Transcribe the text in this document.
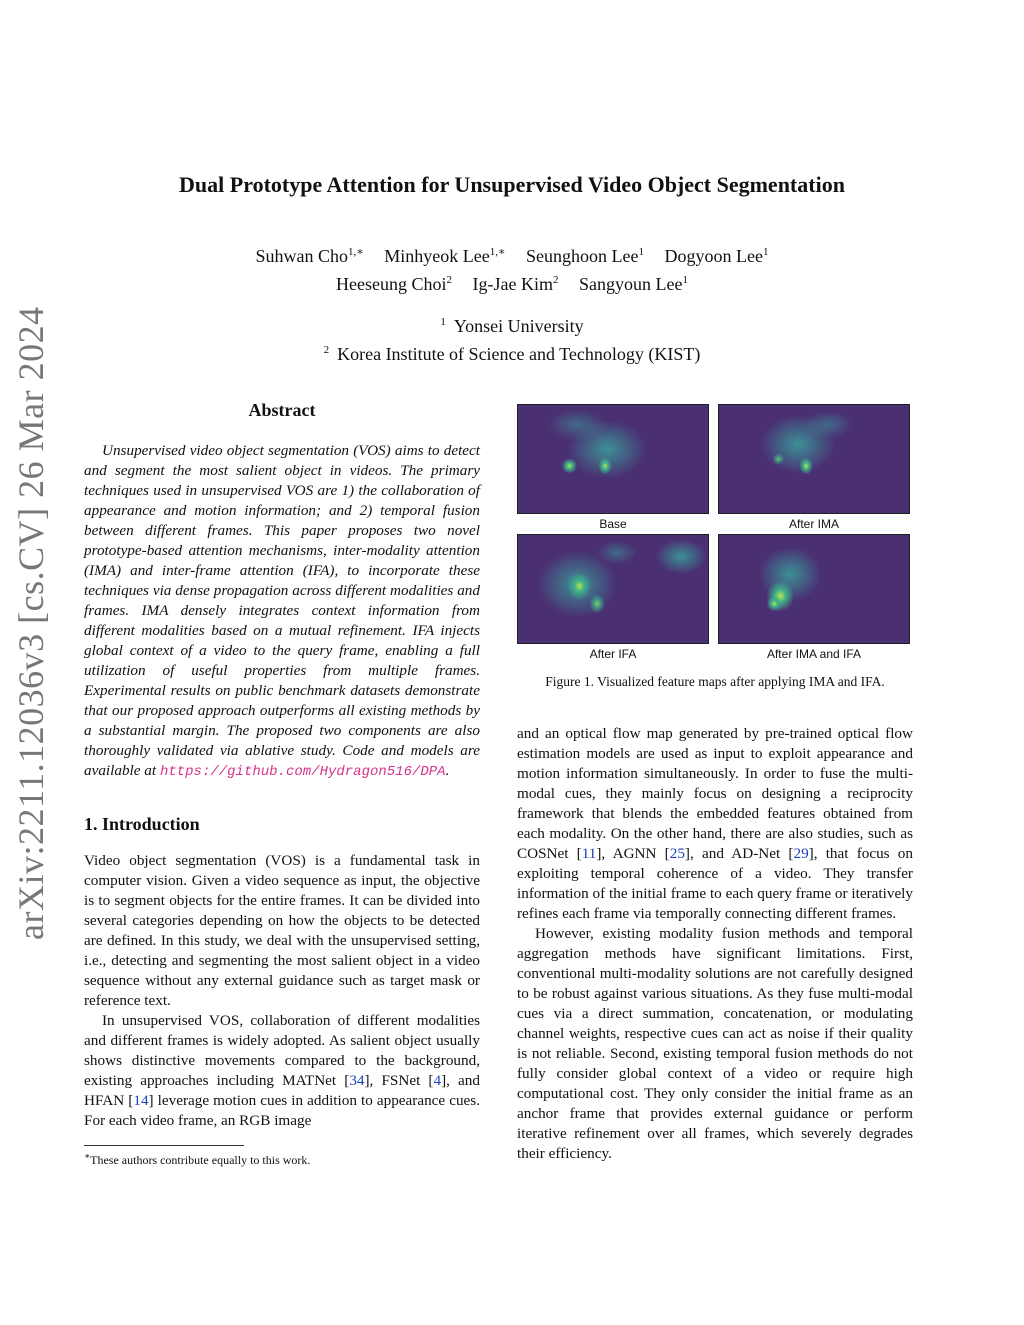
arXiv:2211.12036v3 [cs.CV] 26 Mar 2024
Dual Prototype Attention for Unsupervised Video Object Segmentation
Suhwan Cho$^{1,∗}$ Minhyeok Lee$^{1,∗}$ Seunghoon Lee$^1$ Dogyoon Lee$^1$
Heeseung Choi$^2$ Ig-Jae Kim$^2$ Sangyoun Lee$^1$
$^1$ Yonsei University
$^2$ Korea Institute of Science and Technology (KIST)
Abstract

Unsupervised video object segmentation (VOS) aims to detect and segment the most salient object in videos. The primary techniques used in unsupervised VOS are 1) the collaboration of appearance and motion information; and 2) temporal fusion between different frames. This paper proposes two novel prototype-based attention mechanisms, inter-modality attention (IMA) and inter-frame attention (IFA), to incorporate these techniques via dense propagation across different modalities and frames. IMA densely integrates context information from different modalities based on a mutual refinement. IFA injects global context of a video to the query frame, enabling a full utilization of useful properties from multiple frames. Experimental results on public benchmark datasets demonstrate that our proposed approach outperforms all existing methods by a substantial margin. The proposed two components are also thoroughly validated via ablative study. Code and models are available at https://github.com/Hydragon516/DPA.

1. Introduction

Video object segmentation (VOS) is a fundamental task in computer vision. Given a video sequence as input, the objective is to segment objects for the entire frames. It can be divided into several categories depending on how the objects to be detected are defined. In this study, we deal with the unsupervised setting, i.e., detecting and segmenting the most salient object in a video sequence without any external guidance such as target mask or reference text.

In unsupervised VOS, collaboration of different modalities and different frames is widely adopted. As salient object usually shows distinctive movements compared to the background, existing approaches including MATNet [34], FSNet [4], and HFAN [14] leverage motion cues in addition to appearance cues. For each video frame, an RGB image

∗These authors contribute equally to this work.
Base	After IMA
After IFA	After IMA and IFA
Figure 1. Visualized feature maps after applying IMA and IFA.

and an optical flow map generated by pre-trained optical flow estimation models are used as input to exploit appearance and motion information simultaneously. In order to fuse the multi-modal cues, they mainly focus on designing a reciprocity framework that blends the embedded features obtained from each modality. On the other hand, there are also studies, such as COSNet [11], AGNN [25], and AD-Net [29], that focus on exploiting temporal coherence of a video. They transfer information of the initial frame to each query frame or iteratively refines each frame via temporally connecting different frames.

However, existing modality fusion methods and temporal aggregation methods have significant limitations. First, conventional multi-modality solutions are not carefully designed to be robust against various situations. As they fuse multi-modal cues via a direct summation, concatenation, or modulating channel weights, respective cues can act as noise if their quality is not reliable. Second, existing temporal fusion methods do not fully consider global context of a video or require high computational cost. They only consider the initial frame as an anchor frame that provides external guidance or perform iterative refinement over all frames, which severely degrades their efficiency.
